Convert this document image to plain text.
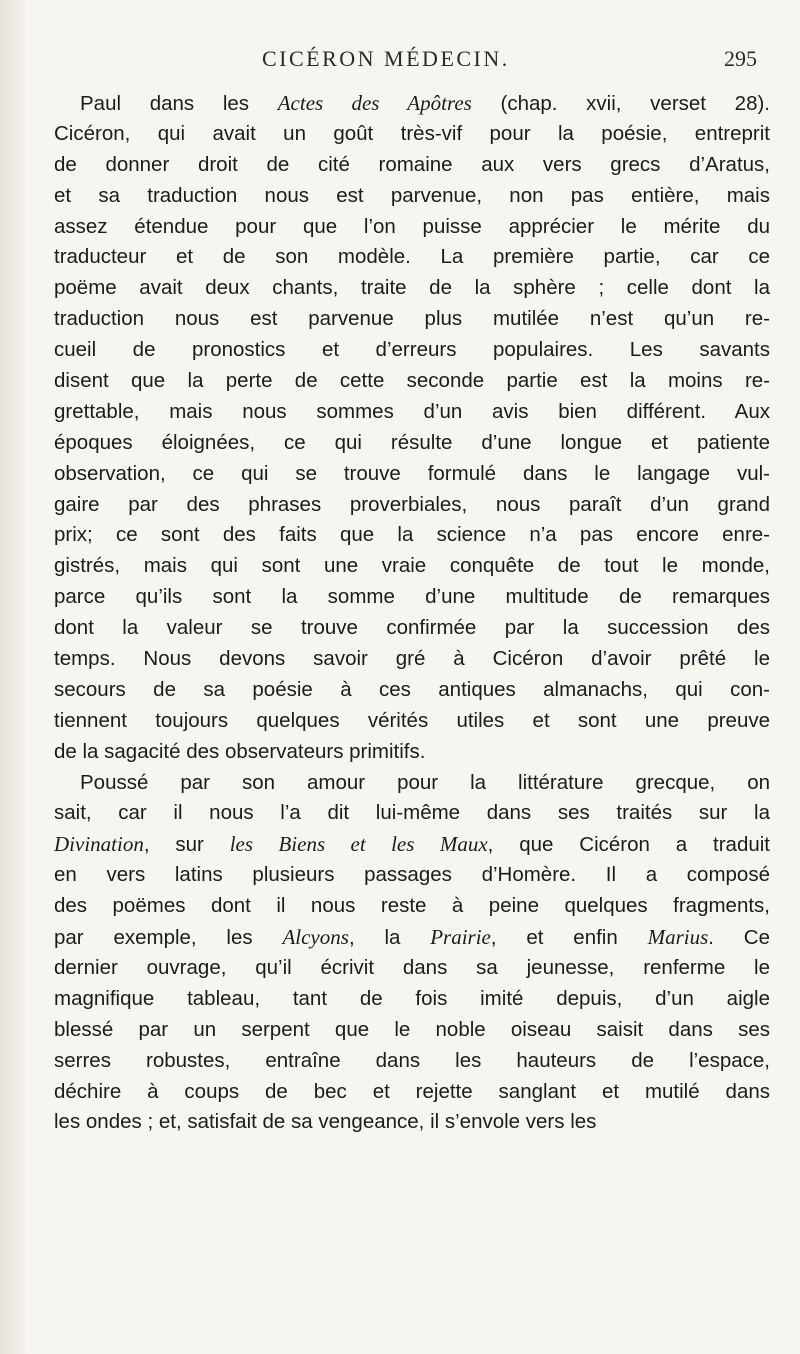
CICÉRON MÉDECIN.	295
Paul dans les Actes des Apôtres (chap. xvii, verset 28).
Cicéron, qui avait un goût très-vif pour la poésie, entreprit
de donner droit de cité romaine aux vers grecs d’Aratus,
et sa traduction nous est parvenue, non pas entière, mais
assez étendue pour que l’on puisse apprécier le mérite du
traducteur et de son modèle. La première partie, car ce
poëme avait deux chants, traite de la sphère ; celle dont la
traduction nous est parvenue plus mutilée n’est qu’un re-
cueil de pronostics et d’erreurs populaires. Les savants
disent que la perte de cette seconde partie est la moins re-
grettable, mais nous sommes d’un avis bien différent. Aux
époques éloignées, ce qui résulte d’une longue et patiente
observation, ce qui se trouve formulé dans le langage vul-
gaire par des phrases proverbiales, nous paraît d’un grand
prix; ce sont des faits que la science n’a pas encore enre-
gistrés, mais qui sont une vraie conquête de tout le monde,
parce qu’ils sont la somme d’une multitude de remarques
dont la valeur se trouve confirmée par la succession des
temps. Nous devons savoir gré à Cicéron d’avoir prêté le
secours de sa poésie à ces antiques almanachs, qui con-
tiennent toujours quelques vérités utiles et sont une preuve
de la sagacité des observateurs primitifs.
Poussé par son amour pour la littérature grecque, on
sait, car il nous l’a dit lui-même dans ses traités sur la
Divination, sur les Biens et les Maux, que Cicéron a traduit
en vers latins plusieurs passages d’Homère. Il a composé
des poëmes dont il nous reste à peine quelques fragments,
par exemple, les Alcyons, la Prairie, et enfin Marius. Ce
dernier ouvrage, qu’il écrivit dans sa jeunesse, renferme le
magnifique tableau, tant de fois imité depuis, d’un aigle
blessé par un serpent que le noble oiseau saisit dans ses
serres robustes, entraîne dans les hauteurs de l’espace,
déchire à coups de bec et rejette sanglant et mutilé dans
les ondes ; et, satisfait de sa vengeance, il s’envole vers les
